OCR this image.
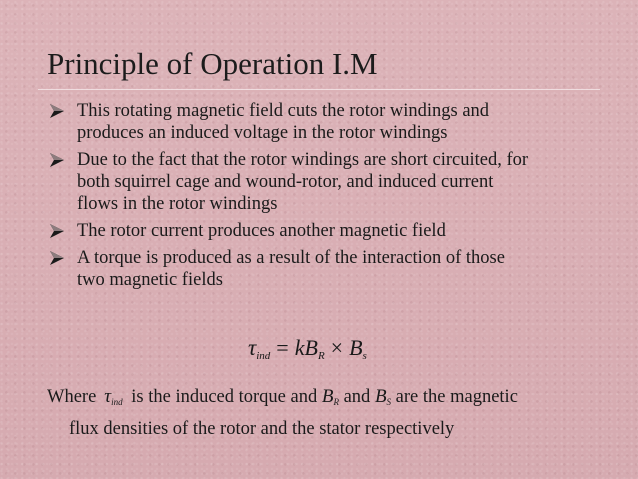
Principle of Operation I.M
This rotating magnetic field cuts the rotor windings and
produces an induced voltage in the rotor windings
Due to the fact that the rotor windings are short circuited, for
both squirrel cage and wound-rotor, and induced current
flows in the rotor windings
The rotor current produces another magnetic field
A torque is produced as a result of the interaction of those
two magnetic fields
$\tau_{ind} = kB_R \times B_s$
Where $\tau_{ind}$ is the induced torque and $B_R$ and $B_S$ are the magnetic
flux densities of the rotor and the stator respectively
